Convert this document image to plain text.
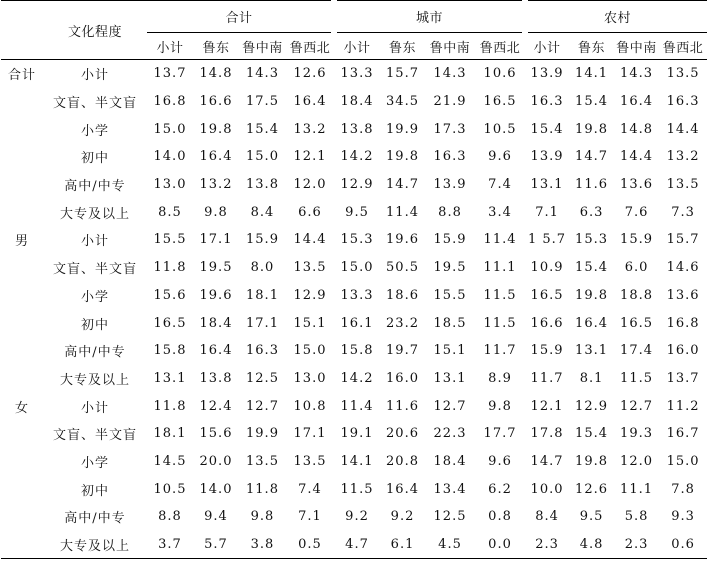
	文化程度	合计				城市				农村			
		小计	鲁东	鲁中南	鲁西北	小计	鲁东	鲁中南	鲁西北	小计	鲁东	鲁中南	鲁西北
合计	小计	13.7	14.8	14.3	12.6	13.3	15.7	14.3	10.6	13.9	14.1	14.3	13.5
	文盲、半文盲	16.8	16.6	17.5	16.4	18.4	34.5	21.9	16.5	16.3	15.4	16.4	16.3
	小学	15.0	19.8	15.4	13.2	13.8	19.9	17.3	10.5	15.4	19.8	14.8	14.4
	初中	14.0	16.4	15.0	12.1	14.2	19.8	16.3	9.6	13.9	14.7	14.4	13.2
	高中/中专	13.0	13.2	13.8	12.0	12.9	14.7	13.9	7.4	13.1	11.6	13.6	13.5
	大专及以上	8.5	9.8	8.4	6.6	9.5	11.4	8.8	3.4	7.1	6.3	7.6	7.3
男	小计	15.5	17.1	15.9	14.4	15.3	19.6	15.9	11.4	1 5.7	15.3	15.9	15.7
	文盲、半文盲	11.8	19.5	8.0	13.5	15.0	50.5	19.5	11.1	10.9	15.4	6.0	14.6
	小学	15.6	19.6	18.1	12.9	13.3	18.6	15.5	11.5	16.5	19.8	18.8	13.6
	初中	16.5	18.4	17.1	15.1	16.1	23.2	18.5	11.5	16.6	16.4	16.5	16.8
	高中/中专	15.8	16.4	16.3	15.0	15.8	19.7	15.1	11.7	15.9	13.1	17.4	16.0
	大专及以上	13.1	13.8	12.5	13.0	14.2	16.0	13.1	8.9	11.7	8.1	11.5	13.7
女	小计	11.8	12.4	12.7	10.8	11.4	11.6	12.7	9.8	12.1	12.9	12.7	11.2
	文盲、半文盲	18.1	15.6	19.9	17.1	19.1	20.6	22.3	17.7	17.8	15.4	19.3	16.7
	小学	14.5	20.0	13.5	13.5	14.1	20.8	18.4	9.6	14.7	19.8	12.0	15.0
	初中	10.5	14.0	11.8	7.4	11.5	16.4	13.4	6.2	10.0	12.6	11.1	7.8
	高中/中专	8.8	9.4	9.8	7.1	9.2	9.2	12.5	0.8	8.4	9.5	5.8	9.3
	大专及以上	3.7	5.7	3.8	0.5	4.7	6.1	4.5	0.0	2.3	4.8	2.3	0.6
